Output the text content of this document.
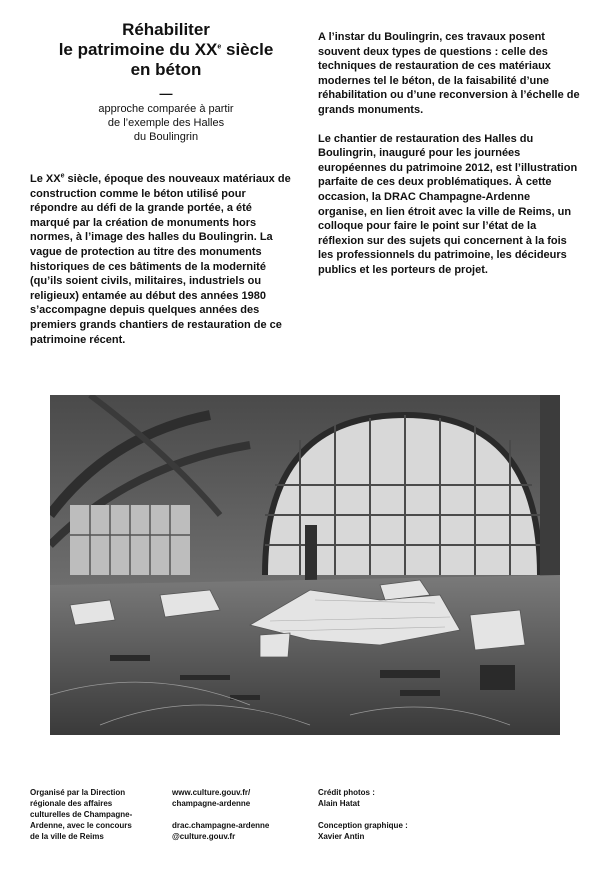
Réhabiliter
le patrimoine du XXe siècle
en béton
—
approche comparée à partir
de l’exemple des Halles
du Boulingrin

Le XXe siècle, époque des nouveaux matériaux de construction comme le béton utilisé pour répondre au défi de la grande portée, a été marqué par la création de monuments hors normes, à l’image des halles du Boulingrin. La vague de protection au titre des monuments historiques de ces bâtiments de la modernité (qu’ils soient civils, militaires, industriels ou religieux) entamée au début des années 1980 s’accompagne depuis quelques années des premiers grands chantiers de restauration de ce patrimoine récent.

A l’instar du Boulingrin, ces travaux posent souvent deux types de questions : celle des techniques de restauration de ces matériaux modernes tel le béton, de la faisabilité d’une réhabilitation ou d’une reconversion à l’échelle de grands monuments.

Le chantier de restauration des Halles du Boulingrin, inauguré pour les journées européennes du patrimoine 2012, est l’illustration parfaite de ces deux problématiques. À cette occasion, la DRAC Champagne-Ardenne organise, en lien étroit avec la ville de Reims, un colloque pour faire le point sur l’état de la réflexion sur des sujets qui concernent à la fois les professionnels du patrimoine, les décideurs publics et les porteurs de projet.

Organisé par la Direction
régionale des affaires
culturelles de Champagne-
Ardenne, avec le concours
de la ville de Reims
www.culture.gouv.fr/
champagne-ardenne
drac.champagne-ardenne
@culture.gouv.fr
Crédit photos :
Alain Hatat
Conception graphique :
Xavier Antin
